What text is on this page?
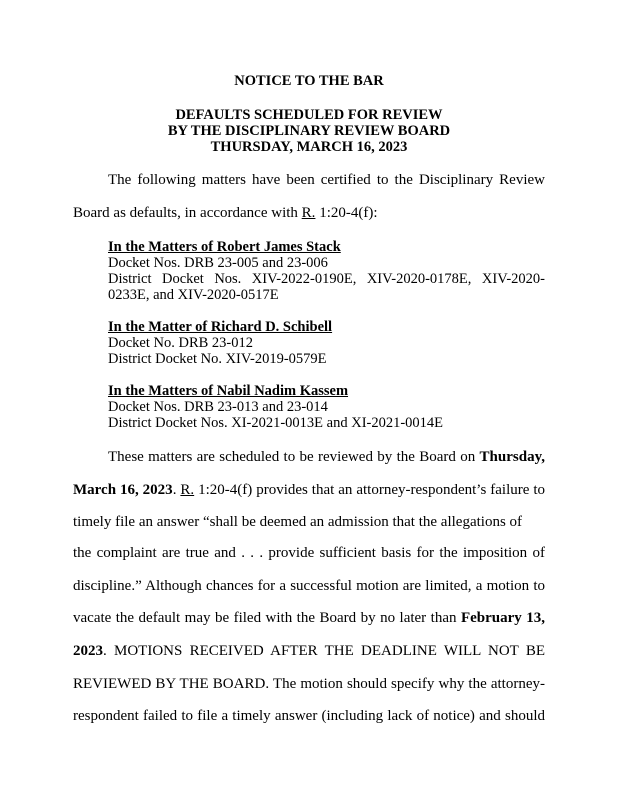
NOTICE TO THE BAR

DEFAULTS SCHEDULED FOR REVIEW

BY THE DISCIPLINARY REVIEW BOARD

THURSDAY, MARCH 16, 2023

The following matters have been certified to the Disciplinary Review

Board as defaults, in accordance with R. 1:20-4(f):

In the Matters of Robert James Stack

Docket Nos. DRB 23-005 and 23-006

District Docket Nos. XIV-2022-0190E, XIV-2020-0178E, XIV-2020-

0233E, and XIV-2020-0517E

In the Matter of Richard D. Schibell

Docket No. DRB 23-012

District Docket No. XIV-2019-0579E

In the Matters of Nabil Nadim Kassem

Docket Nos. DRB 23-013 and 23-014

District Docket Nos. XI-2021-0013E and XI-2021-0014E

These matters are scheduled to be reviewed by the Board on Thursday,

March 16, 2023. R. 1:20-4(f) provides that an attorney-respondent’s failure to

timely file an answer “shall be deemed an admission that the allegations of

the complaint are true and . . . provide sufficient basis for the imposition of

discipline.” Although chances for a successful motion are limited, a motion to

vacate the default may be filed with the Board by no later than February 13,

2023. MOTIONS RECEIVED AFTER THE DEADLINE WILL NOT BE

REVIEWED BY THE BOARD. The motion should specify why the attorney-

respondent failed to file a timely answer (including lack of notice) and should
